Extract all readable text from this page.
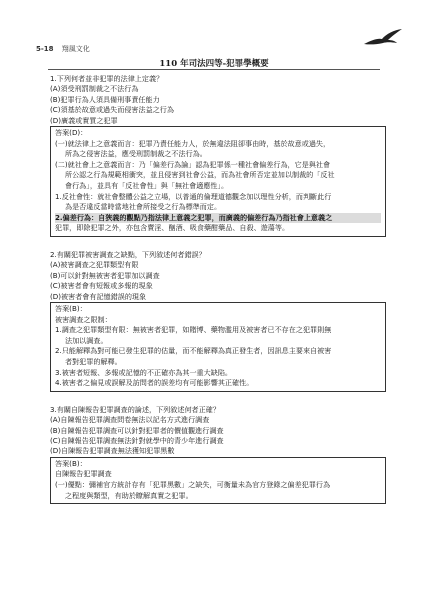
5-18 翔風文化
110 年司法四等-犯罪學概要

1.下列何者並非犯罪的法律上定義？

(A)須受刑罰制裁之不法行為

(B)犯罪行為人須具備刑事責任能力

(C)須基於故意或過失而侵害法益之行為

(D)廣義或實質之犯罪

答案(D)：
(一)就法律上之意義而言：犯罪乃責任能力人，於無違法阻卻事由時，基於故意或過失，
所為之侵害法益，應受刑罰制裁之不法行為。
(二)就社會上之意義而言：乃「偏差行為論」認為犯罪係一種社會偏差行為，它是與社會
所公認之行為規範相衝突，並且侵害到社會公益，而為社會所否定並加以制裁的「反社
會行為」，並具有「反社會性」與「無社會適應性」。
1.反社會性：就社會整體公益之立場，以普通的倫理道德觀念加以理性分析，而判斷此行
為是否違反當時當地社會所接受之行為標準而定。
2.偏差行為：自狹義的觀點乃指法律上意義之犯罪，而廣義的偏差行為乃指社會上意義之
犯罪，即除犯罪之外，亦包含賣淫、酗酒、吸食藥酣藥品、自殺、遊蕩等。

2.有關犯罪被害調查之缺點，下列敘述何者錯誤？

(A)被害調查之犯罪類型有限

(B)可以針對無被害者犯罪加以調查

(C)被害者會有短報或多報的現象

(D)被害者會有記憶錯誤的現象

答案(B)：
被害調查之限制：
1.調查之犯罪類型有限：無被害者犯罪，如賭博、藥物濫用及被害者已不存在之犯罪則無
法加以調查。
2.只能解釋為對可能已發生犯罪的估量，而不能解釋為真正發生者，因訊息主要來自被害
者對犯罪的解釋。
3.被害者短報、多報或記憶的不正確亦為其一重大缺陷。
4.被害者之偏見或誤解及訪問者的誤差均有可能影響其正確性。

3.有關自陳報告犯罪調查的論述，下列敘述何者正確？

(A)自陳報告犯罪調查問卷無法以記名方式進行調查

(B)自陳報告犯罪調查可以針對犯罪者的價值觀進行調查

(C)自陳報告犯罪調查無法針對就學中的青少年進行調查

(D)自陳報告犯罪調查無法獲知犯罪黑數

答案(B)：
自陳報告犯罪調查
(一)優點：彌補官方統計存有「犯罪黑數」之缺失，可衡量未為官方登錄之偏差犯罪行為
之程度與類型，有助於瞭解真實之犯罪。
